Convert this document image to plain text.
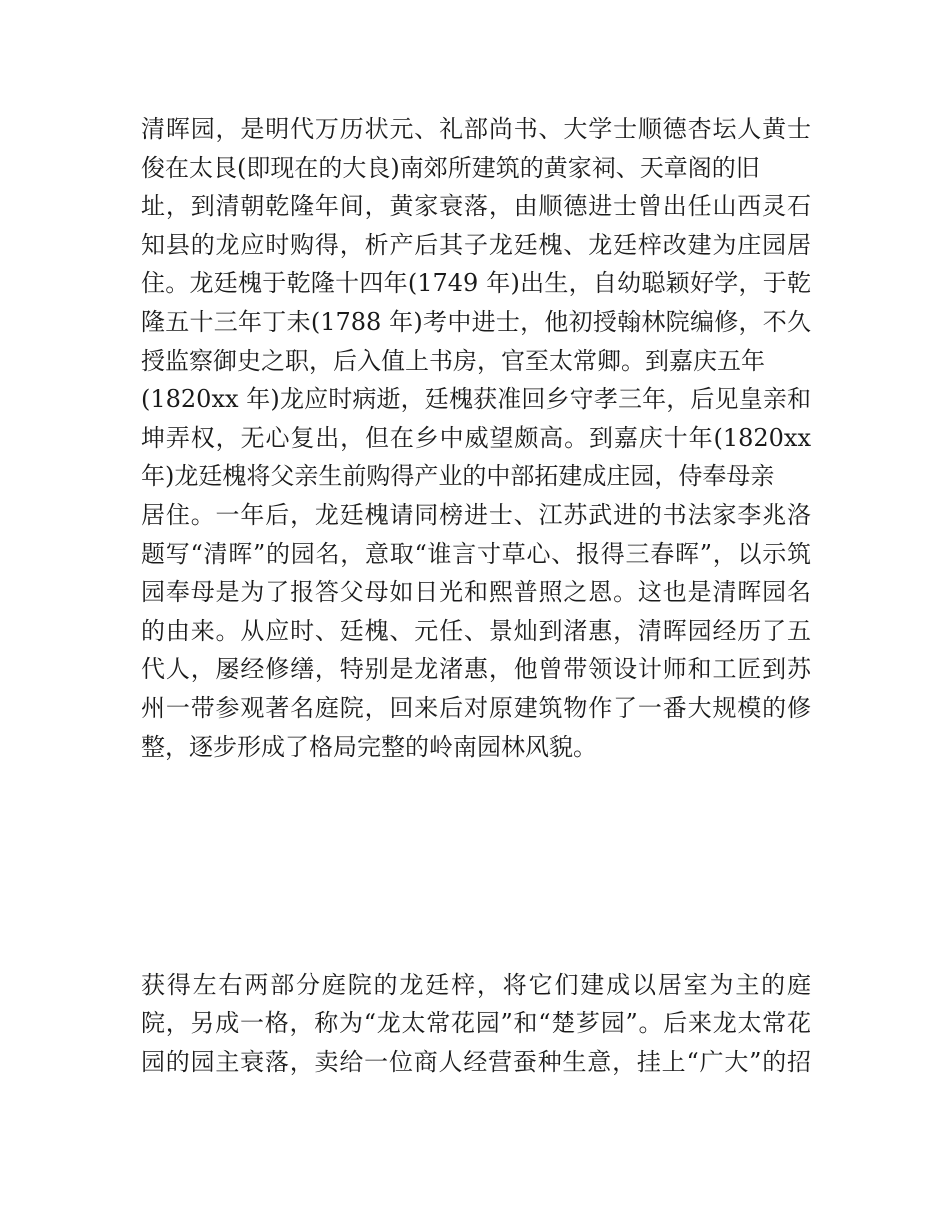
清晖园，是明代万历状元、礼部尚书、大学士顺德杏坛人黄士
俊在太艮(即现在的大良)南郊所建筑的黄家祠、天章阁的旧
址，到清朝乾隆年间，黄家衰落，由顺德进士曾出任山西灵石
知县的龙应时购得，析产后其子龙廷槐、龙廷梓改建为庄园居
住。龙廷槐于乾隆十四年(1749 年)出生，自幼聪颖好学，于乾
隆五十三年丁未(1788 年)考中进士，他初授翰林院编修，不久
授监察御史之职，后入值上书房，官至太常卿。到嘉庆五年
(1820xx 年)龙应时病逝，廷槐获准回乡守孝三年，后见皇亲和
坤弄权，无心复出，但在乡中威望颇高。到嘉庆十年(1820xx
年)龙廷槐将父亲生前购得产业的中部拓建成庄园，侍奉母亲
居住。一年后，龙廷槐请同榜进士、江苏武进的书法家李兆洛
题写“清晖”的园名，意取“谁言寸草心、报得三春晖”，以示筑
园奉母是为了报答父母如日光和熙普照之恩。这也是清晖园名
的由来。从应时、廷槐、元任、景灿到渚惠，清晖园经历了五
代人，屡经修缮，特别是龙渚惠，他曾带领设计师和工匠到苏
州一带参观著名庭院，回来后对原建筑物作了一番大规模的修
整，逐步形成了格局完整的岭南园林风貌。
获得左右两部分庭院的龙廷梓，将它们建成以居室为主的庭
院，另成一格，称为“龙太常花园”和“楚芗园”。后来龙太常花
园的园主衰落，卖给一位商人经营蚕种生意，挂上“广大”的招
